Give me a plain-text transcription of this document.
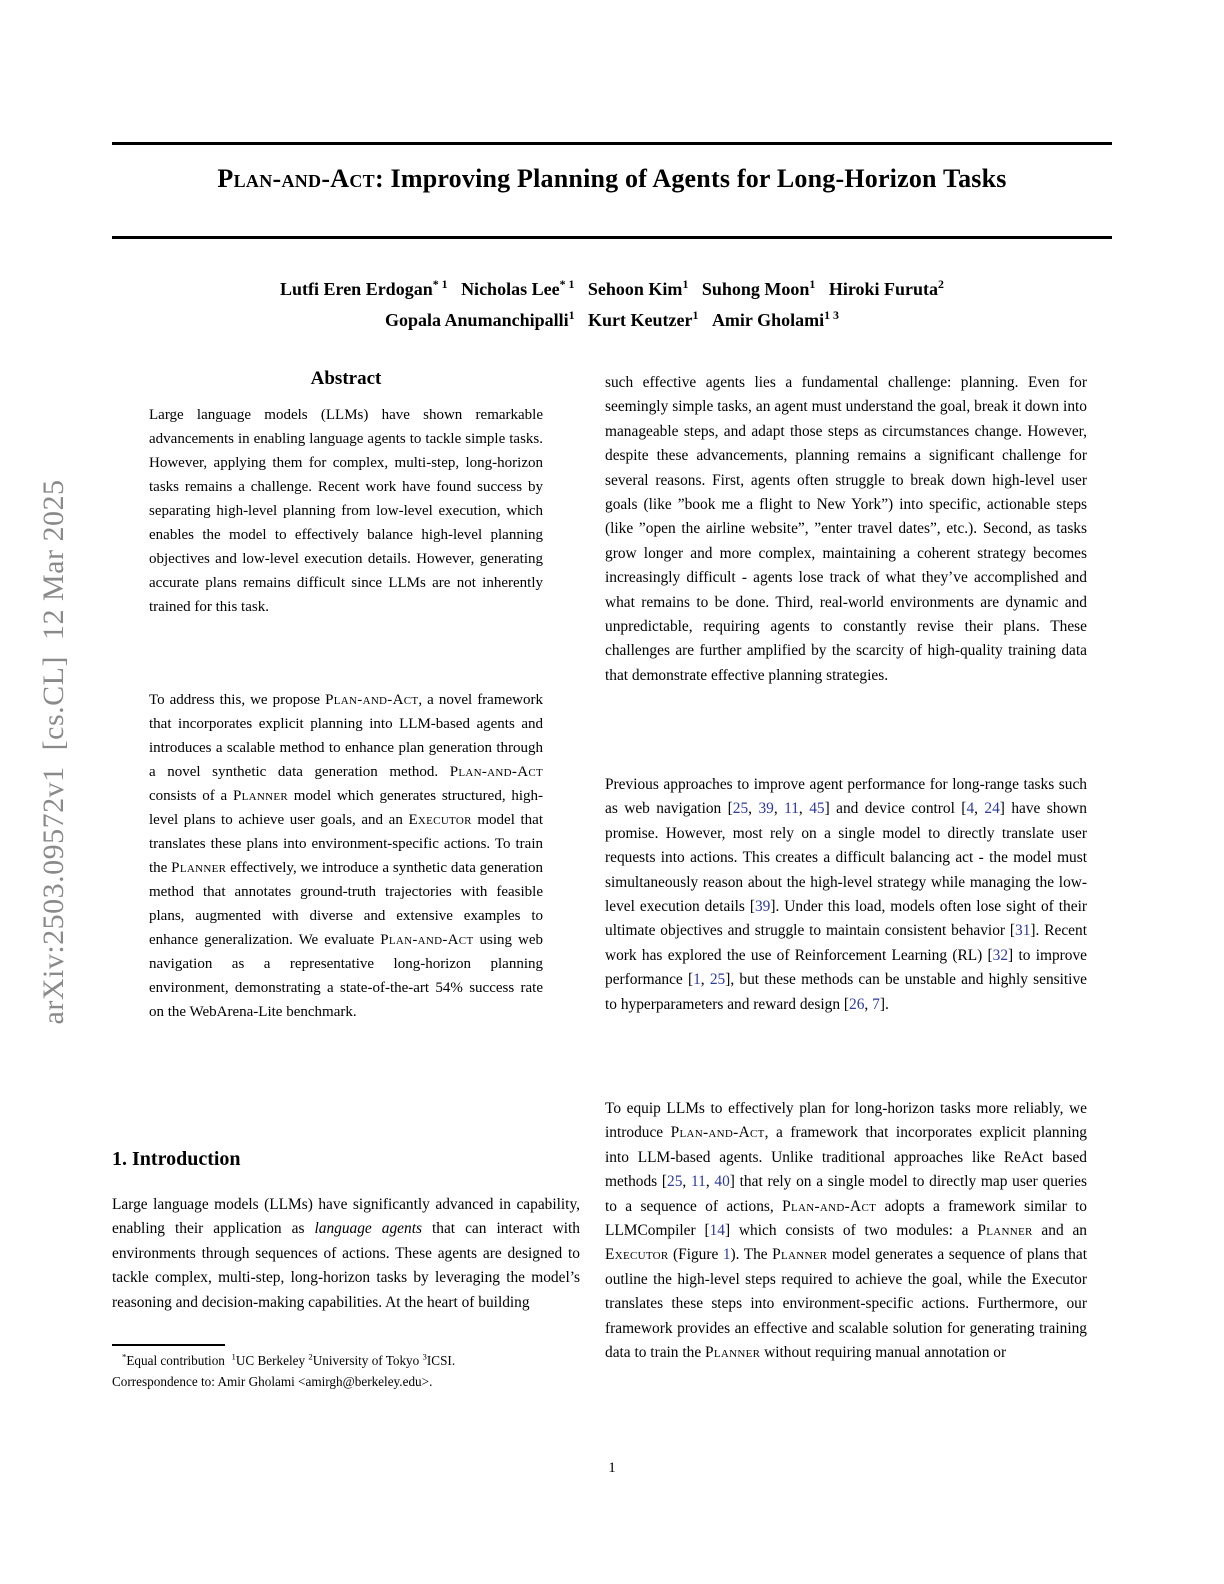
arXiv:2503.09572v1  [cs.CL]  12 Mar 2025
Plan-and-Act: Improving Planning of Agents for Long-Horizon Tasks
Lutfi Eren Erdogan$^{* 1}$ Nicholas Lee$^{* 1}$ Sehoon Kim$^1$ Suhong Moon$^1$ Hiroki Furuta$^2$
Gopala Anumanchipalli$^1$ Kurt Keutzer$^1$ Amir Gholami$^{1 3}$
Abstract
Large language models (LLMs) have shown remarkable advancements in enabling language agents to tackle simple tasks. However, applying them for complex, multi-step, long-horizon tasks remains a challenge. Recent work have found success by separating high-level planning from low-level execution, which enables the model to effectively balance high-level planning objectives and low-level execution details. However, generating accurate plans remains difficult since LLMs are not inherently trained for this task.
To address this, we propose Plan-and-Act, a novel framework that incorporates explicit planning into LLM-based agents and introduces a scalable method to enhance plan generation through a novel synthetic data generation method. Plan-and-Act consists of a Planner model which generates structured, high-level plans to achieve user goals, and an Executor model that translates these plans into environment-specific actions. To train the Planner effectively, we introduce a synthetic data generation method that annotates ground-truth trajectories with feasible plans, augmented with diverse and extensive examples to enhance generalization. We evaluate Plan-and-Act using web navigation as a representative long-horizon planning environment, demonstrating a state-of-the-art 54% success rate on the WebArena-Lite benchmark.
1. Introduction
Large language models (LLMs) have significantly advanced in capability, enabling their application as language agents that can interact with environments through sequences of actions. These agents are designed to tackle complex, multi-step, long-horizon tasks by leveraging the model’s reasoning and decision-making capabilities. At the heart of building
*Equal contribution  $^1$UC Berkeley $^2$University of Tokyo $^3$ICSI.
Correspondence to: Amir Gholami <amirgh@berkeley.edu>.
such effective agents lies a fundamental challenge: planning. Even for seemingly simple tasks, an agent must understand the goal, break it down into manageable steps, and adapt those steps as circumstances change. However, despite these advancements, planning remains a significant challenge for several reasons. First, agents often struggle to break down high-level user goals (like ”book me a flight to New York”) into specific, actionable steps (like ”open the airline website”, ”enter travel dates”, etc.). Second, as tasks grow longer and more complex, maintaining a coherent strategy becomes increasingly difficult - agents lose track of what they’ve accomplished and what remains to be done. Third, real-world environments are dynamic and unpredictable, requiring agents to constantly revise their plans. These challenges are further amplified by the scarcity of high-quality training data that demonstrate effective planning strategies.
Previous approaches to improve agent performance for long-range tasks such as web navigation [25, 39, 11, 45] and device control [4, 24] have shown promise. However, most rely on a single model to directly translate user requests into actions. This creates a difficult balancing act - the model must simultaneously reason about the high-level strategy while managing the low-level execution details [39]. Under this load, models often lose sight of their ultimate objectives and struggle to maintain consistent behavior [31]. Recent work has explored the use of Reinforcement Learning (RL) [32] to improve performance [1, 25], but these methods can be unstable and highly sensitive to hyperparameters and reward design [26, 7].
To equip LLMs to effectively plan for long-horizon tasks more reliably, we introduce Plan-and-Act, a framework that incorporates explicit planning into LLM-based agents. Unlike traditional approaches like ReAct based methods [25, 11, 40] that rely on a single model to directly map user queries to a sequence of actions, Plan-and-Act adopts a framework similar to LLMCompiler [14] which consists of two modules: a Planner and an Executor (Figure 1). The Planner model generates a sequence of plans that outline the high-level steps required to achieve the goal, while the Executor translates these steps into environment-specific actions. Furthermore, our framework provides an effective and scalable solution for generating training data to train the Planner without requiring manual annotation or
1
